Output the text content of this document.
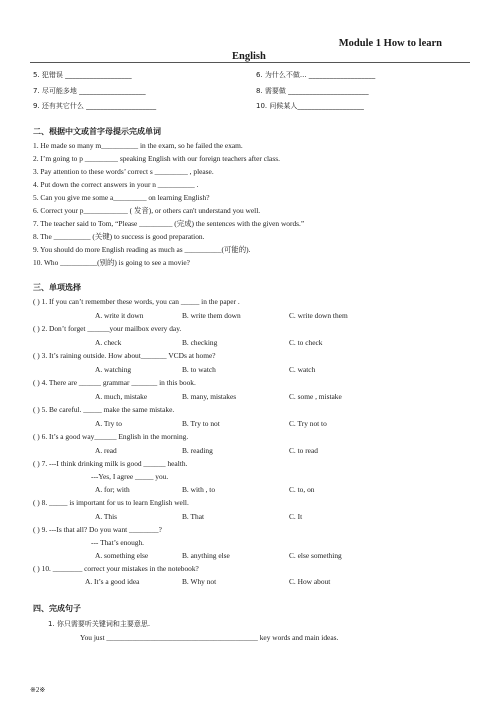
Module 1 How to learn
English
5. 犯错误 ___________________	6. 为什么不做... ___________________
7. 尽可能多地 ___________________	8. 需要做 _______________________
9. 还有其它什么 ____________________	10. 问候某人___________________
二、根据中文或首字母提示完成单词
1. He made so many m__________ in the exam, so he failed the exam.
2. I’m going to p _________ speaking English with our foreign teachers after class.
3. Pay attention to these words’ correct s _________ , please.
4. Put down the correct answers in your n __________ .
5. Can you give me some a_________ on learning English?
6. Correct your p____________ ( 发音), or others can't understand you well.
7. The teacher said to Tom, “Please _________ (完成) the sentences with the given words.”
8. The __________ (关键) to success is good preparation.
9. You should do more English reading as much as __________(可能的).
10. Who __________(别的) is going to see a movie?
三、单项选择
( ) 1. If you can’t remember these words, you can _____ in the paper .
A. write it down	B. write them down	C. write down them
( ) 2. Don’t forget ______your mailbox every day.
A. check	B. checking	C. to check
( ) 3. It’s raining outside. How about_______ VCDs at home?
A. watching	B. to watch	C. watch
( ) 4. There are ______ grammar _______ in this book.
A. much, mistake	B. many, mistakes	C. some , mistake
( ) 5. Be careful. _____ make the same mistake.
A. Try to	B. Try to not	C. Try not to
( ) 6. It’s a good way______ English in the morning.
A. read	B. reading	C. to read
( ) 7. ---I think drinking milk is good ______ health.
---Yes, I agree _____ you.
A. for; with	B. with , to	C. to, on
( ) 8. _____ is important for us to learn English well.
A. This	B. That	C. It
( ) 9. ---Is that all? Do you want ________?
--- That’s enough.
A. something else	B. anything else	C. else something
( ) 10. ________ correct your mistakes in the notebook?
A. It’s a good idea	B. Why not	C. How about
四、完成句子
1. 你只需要听关键词和主要意思.
You just _________________________________________ key words and main ideas.
※2※
